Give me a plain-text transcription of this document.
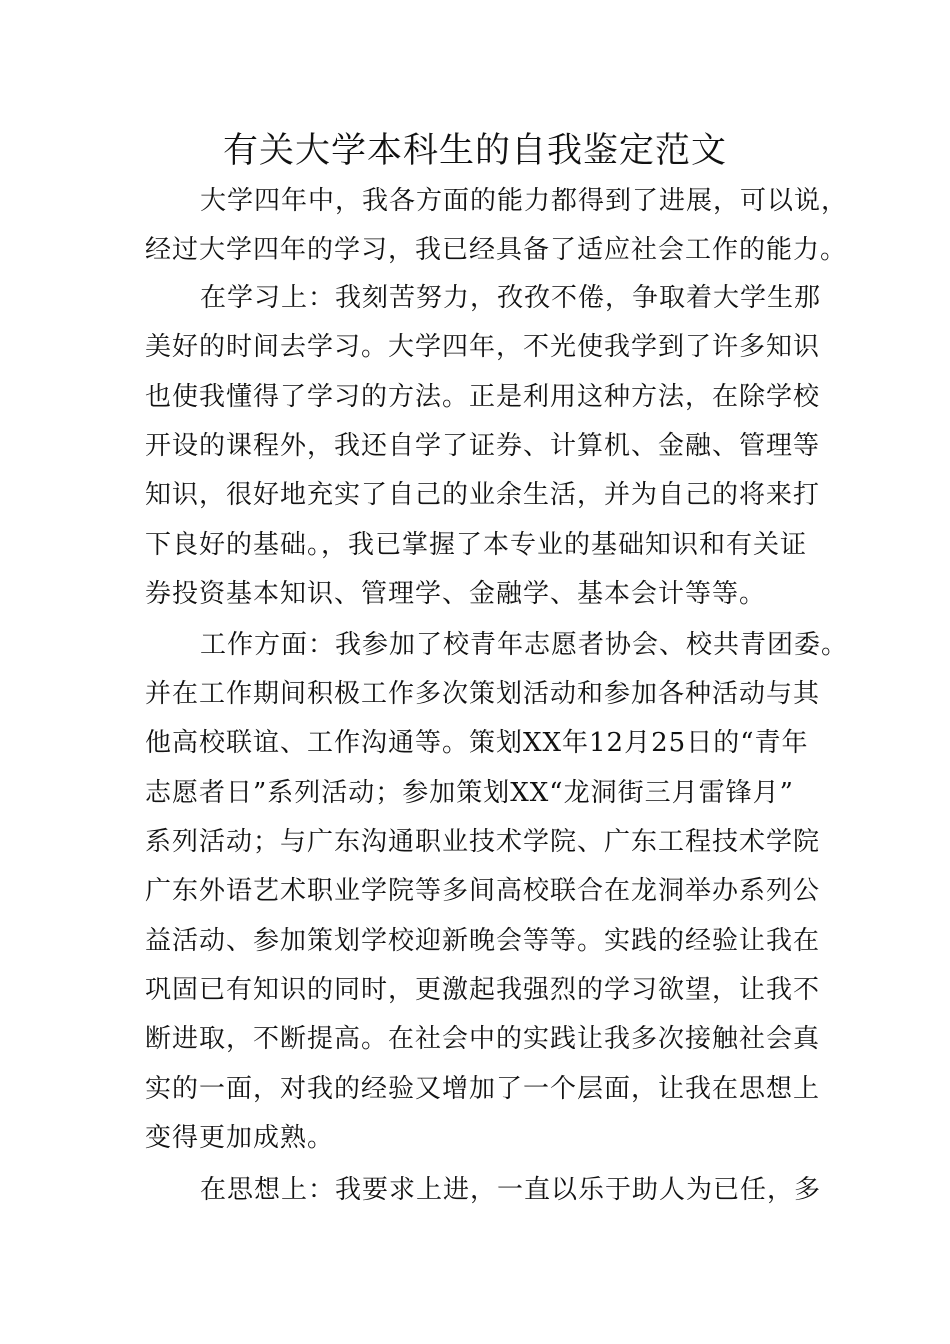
有关大学本科生的自我鉴定范文
大学四年中，我各方面的能力都得到了进展，可以说，
经过大学四年的学习，我已经具备了适应社会工作的能力。
在学习上：我刻苦努力，孜孜不倦，争取着大学生那
美好的时间去学习。大学四年，不光使我学到了许多知识
也使我懂得了学习的方法。正是利用这种方法，在除学校
开设的课程外，我还自学了证券、计算机、金融、管理等
知识，很好地充实了自己的业余生活，并为自己的将来打
下良好的基础。，我已掌握了本专业的基础知识和有关证
券投资基本知识、管理学、金融学、基本会计等等。
工作方面：我参加了校青年志愿者协会、校共青团委。
并在工作期间积极工作多次策划活动和参加各种活动与其
他高校联谊、工作沟通等。策划XX年12月25日的“青年
志愿者日”系列活动；参加策划XX“龙洞街三月雷锋月”
系列活动；与广东沟通职业技术学院、广东工程技术学院
广东外语艺术职业学院等多间高校联合在龙洞举办系列公
益活动、参加策划学校迎新晚会等等。实践的经验让我在
巩固已有知识的同时，更激起我强烈的学习欲望，让我不
断进取，不断提高。在社会中的实践让我多次接触社会真
实的一面，对我的经验又增加了一个层面，让我在思想上
变得更加成熟。
在思想上：我要求上进，一直以乐于助人为已任，多
